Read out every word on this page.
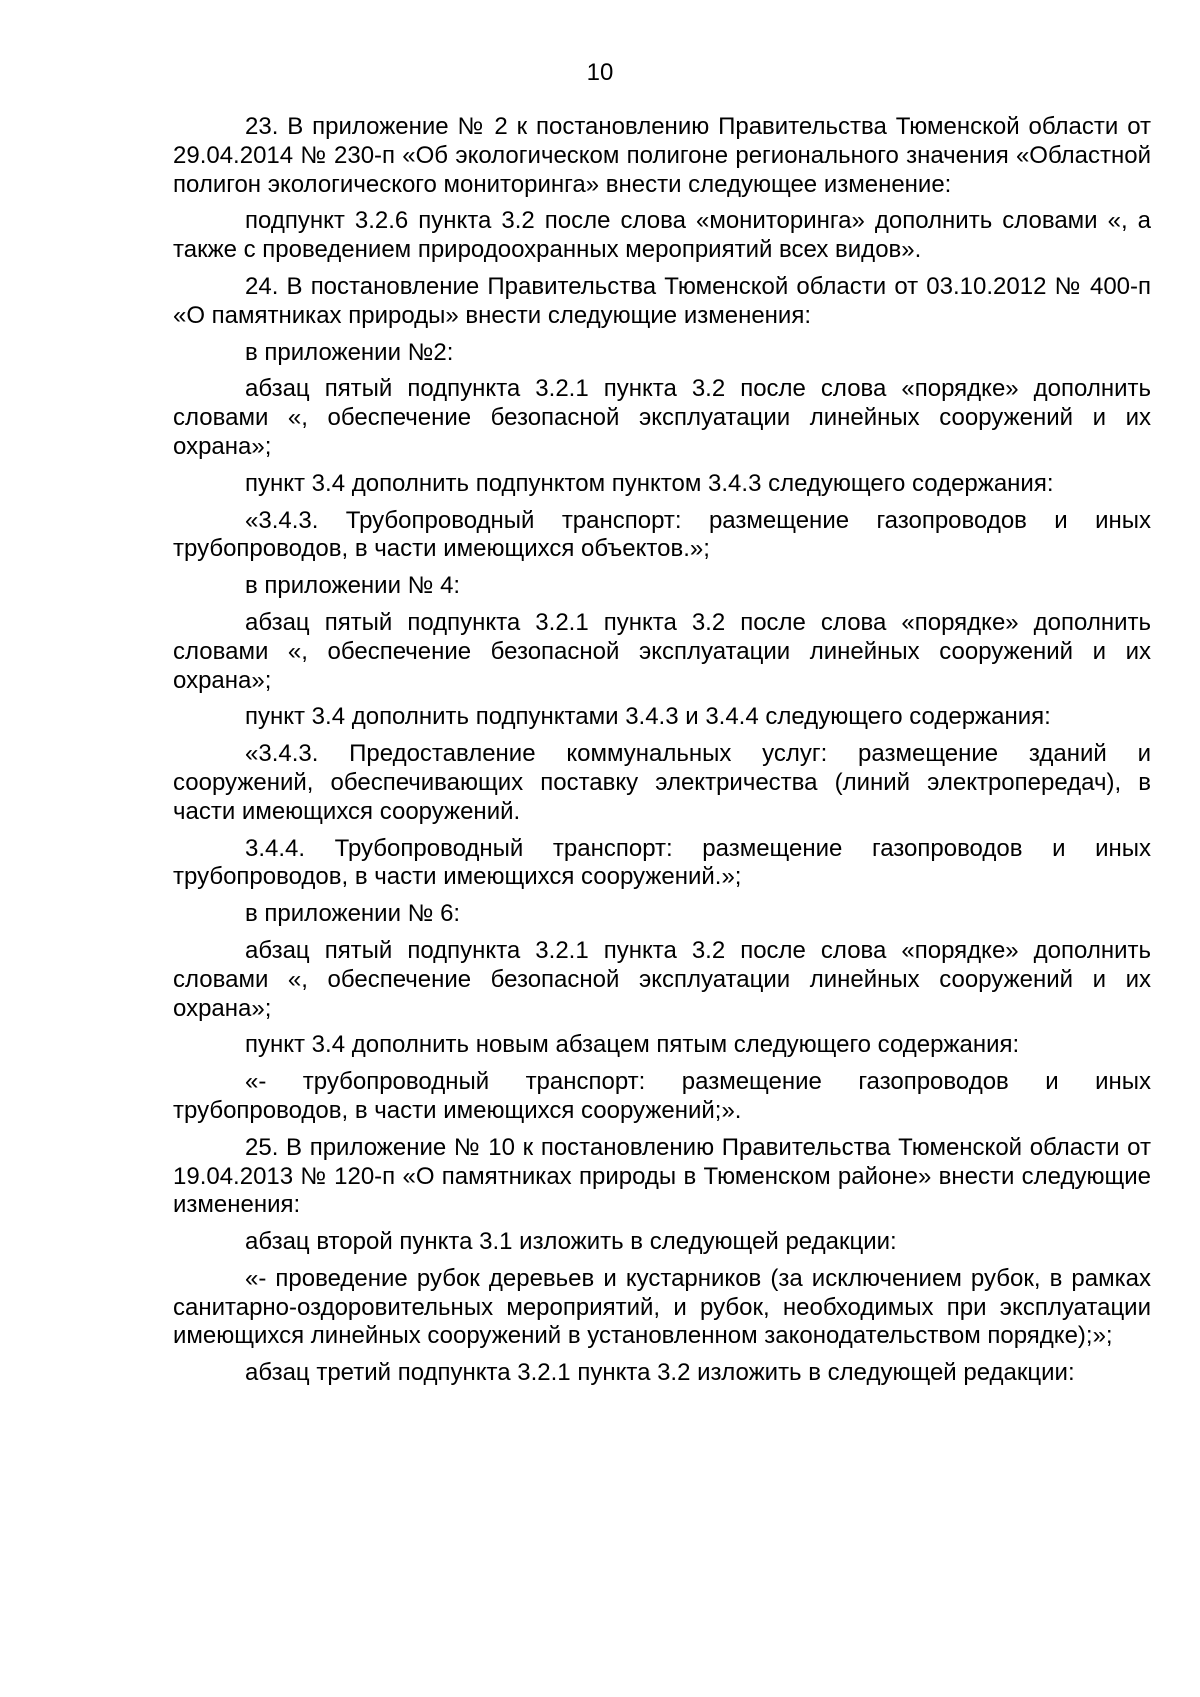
10

23. В приложение № 2 к постановлению Правительства Тюменской области от 29.04.2014 № 230-п «Об экологическом полигоне регионального значения «Областной полигон экологического мониторинга» внести следующее изменение:

подпункт 3.2.6 пункта 3.2 после слова «мониторинга» дополнить словами «, а также с проведением природоохранных мероприятий всех видов».

24. В постановление Правительства Тюменской области от 03.10.2012 № 400-п «О памятниках природы» внести следующие изменения:

в приложении №2:

абзац пятый подпункта 3.2.1 пункта 3.2 после слова «порядке» дополнить словами «, обеспечение безопасной эксплуатации линейных сооружений и их охрана»;

пункт 3.4 дополнить подпунктом пунктом 3.4.3 следующего содержания:

«3.4.3. Трубопроводный транспорт: размещение газопроводов и иных трубопроводов, в части имеющихся объектов.»;

в приложении № 4:

абзац пятый подпункта 3.2.1 пункта 3.2 после слова «порядке» дополнить словами «, обеспечение безопасной эксплуатации линейных сооружений и их охрана»;

пункт 3.4 дополнить подпунктами 3.4.3 и 3.4.4 следующего содержания:

«3.4.3. Предоставление коммунальных услуг: размещение зданий и сооружений, обеспечивающих поставку электричества (линий электропередач), в части имеющихся сооружений.

3.4.4. Трубопроводный транспорт: размещение газопроводов и иных трубопроводов, в части имеющихся сооружений.»;

в приложении № 6:

абзац пятый подпункта 3.2.1 пункта 3.2 после слова «порядке» дополнить словами «, обеспечение безопасной эксплуатации линейных сооружений и их охрана»;

пункт 3.4 дополнить новым абзацем пятым следующего содержания:

«- трубопроводный транспорт: размещение газопроводов и иных трубопроводов, в части имеющихся сооружений;».

25. В приложение № 10 к постановлению Правительства Тюменской области от 19.04.2013 № 120-п «О памятниках природы в Тюменском районе» внести следующие изменения:

абзац второй пункта 3.1 изложить в следующей редакции:

«- проведение рубок деревьев и кустарников (за исключением рубок, в рамках санитарно-оздоровительных мероприятий, и рубок, необходимых при эксплуатации имеющихся линейных сооружений в установленном законодательством порядке);»;

абзац третий подпункта 3.2.1 пункта 3.2 изложить в следующей редакции:
